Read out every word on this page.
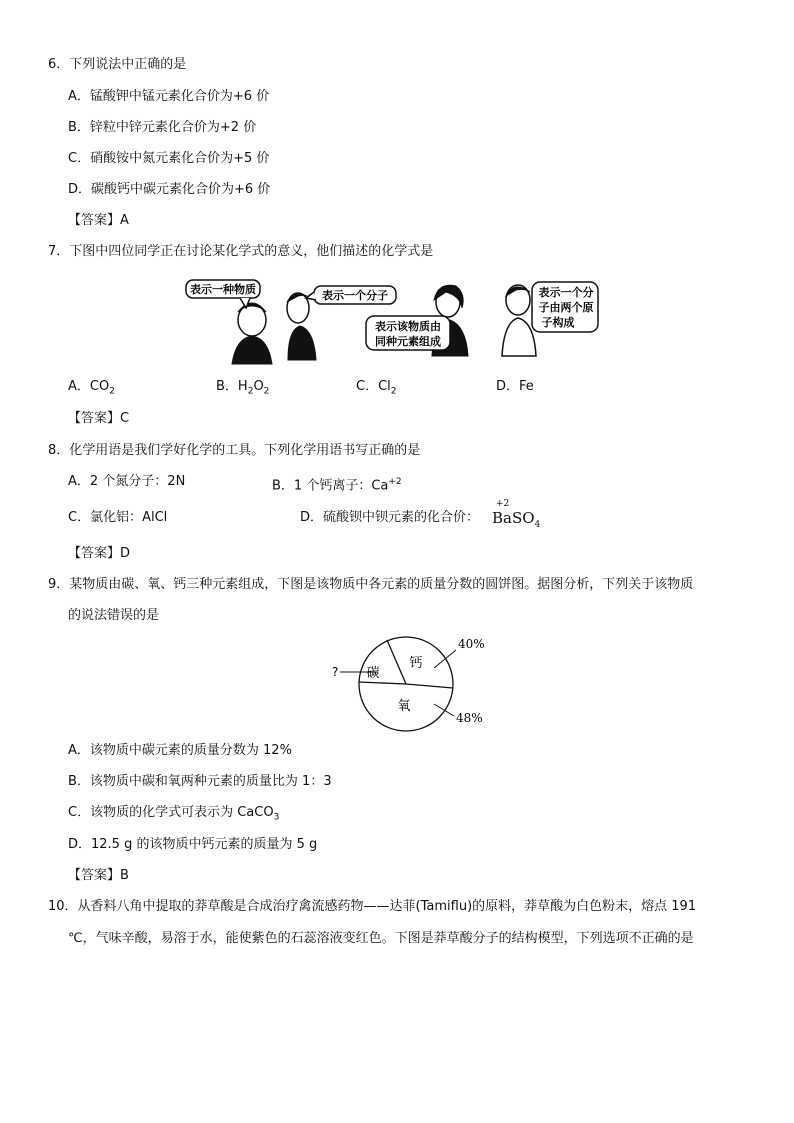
6．下列说法中正确的是
A．锰酸钾中锰元素化合价为+6 价
B．锌粒中锌元素化合价为+2 价
C．硝酸铵中氮元素化合价为+5 价
D．碳酸钙中碳元素化合价为+6 价
【答案】A
7．下图中四位同学正在讨论某化学式的意义，他们描述的化学式是
表示一种物质	表示一个分子
表示该物质由
同种元素组成
表示一个分
子由两个原
子构成
A．$CO_2$	B．$H_2O_2$	C．$Cl_2$	D．Fe
【答案】C
8．化学用语是我们学好化学的工具。下列化学用语书写正确的是
A．2 个氮分子：2N	B．1 个钙离子：$Ca^{+2}$
C．氯化铝：AlCl	D．硫酸钡中钡元素的化合价：
+2
BaSO$_4$
【答案】D
9．某物质由碳、氧、钙三种元素组成，下图是该物质中各元素的质量分数的圆饼图。据图分析，下列关于该物质
的说法错误的是
钙
碳
氧
40%
48%
?
A．该物质中碳元素的质量分数为 12%
B．该物质中碳和氧两种元素的质量比为 1：3
C．该物质的化学式可表示为 CaCO$_3$
D．12.5 g 的该物质中钙元素的质量为 5 g
【答案】B
10．从香料八角中提取的莽草酸是合成治疗禽流感药物——达菲(Tamiflu)的原料，莽草酸为白色粉末，熔点 191
℃，气味辛酸，易溶于水，能使紫色的石蕊溶液变红色。下图是莽草酸分子的结构模型，下列选项不正确的是
